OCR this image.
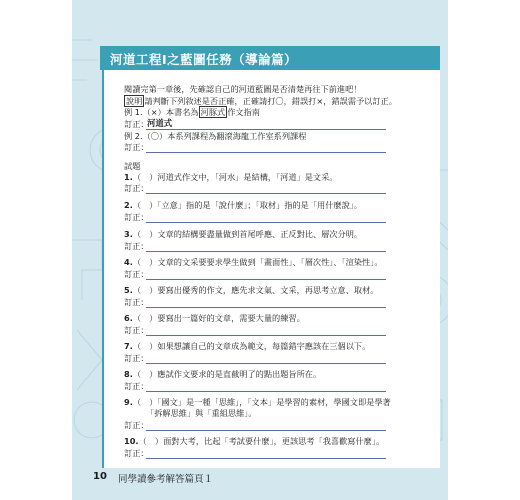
河道工程Ⅰ之藍圖任務（導論篇）
閱讀完第一章後，先確認自己的河道藍圖是否清楚再往下前進吧！
說明 請判斷下列敘述是否正確，正確請打〇，錯誤打×，錯誤需予以訂正。
例 1.（×）本書名為 河豚式 作文指南
訂正：
河道式
例 2.（〇）本系列課程為翻滾海龍工作室系列課程
訂正：
試題
1.（　）河道式作文中，「河水」是結構，「河道」是文采。
訂正：
2.（　）「立意」指的是「說什麼」；「取材」指的是「用什麼說」。
訂正：
3.（　）文章的結構要盡量做到首尾呼應、正反對比、層次分明。
訂正：
4.（　）文章的文采要要求學生做到「畫面性」、「層次性」、「渲染性」。
訂正：
5.（　）要寫出優秀的作文，應先求文氣、文采，再思考立意、取材。
訂正：
6.（　）要寫出一篇好的文章，需要大量的練習。
訂正：
7.（　）如果想讓自己的文章成為範文，每篇錯字應該在三個以下。
訂正：
8.（　）應試作文要求的是直截明了的點出題旨所在。
訂正：
9.（　）「國文」是一種「思維」，「文本」是學習的素材，學國文即是學著
「拆解思維」與「重組思維」。
訂正：
10.（　）面對大考，比起「考試要什麼」，更該思考「我喜歡寫什麼」。
訂正：
10 同學讀參考解答篇頁１
